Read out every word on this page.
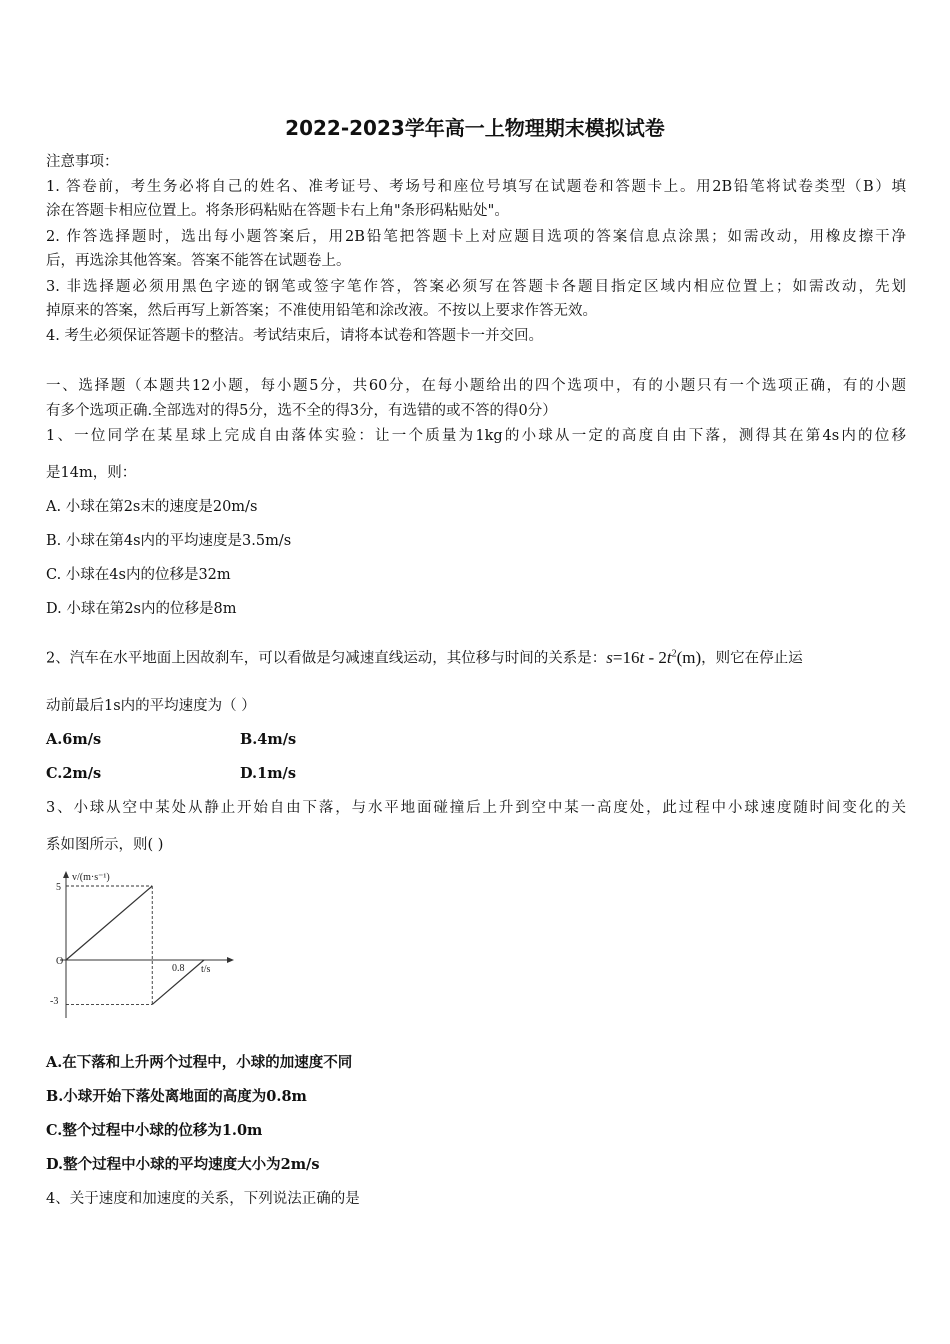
2022-2023学年高一上物理期末模拟试卷
注意事项：
1. 答卷前，考生务必将自己的姓名、准考证号、考场号和座位号填写在试题卷和答题卡上。用2B铅笔将试卷类型（B）填
涂在答题卡相应位置上。将条形码粘贴在答题卡右上角"条形码粘贴处"。
2. 作答选择题时，选出每小题答案后，用2B铅笔把答题卡上对应题目选项的答案信息点涂黑；如需改动，用橡皮擦干净
后，再选涂其他答案。答案不能答在试题卷上。
3. 非选择题必须用黑色字迹的钢笔或签字笔作答，答案必须写在答题卡各题目指定区域内相应位置上；如需改动，先划
掉原来的答案，然后再写上新答案；不准使用铅笔和涂改液。不按以上要求作答无效。
4. 考生必须保证答题卡的整洁。考试结束后，请将本试卷和答题卡一并交回。
一、选择题（本题共12小题，每小题5分，共60分，在每小题给出的四个选项中，有的小题只有一个选项正确，有的小题
有多个选项正确.全部选对的得5分，选不全的得3分，有选错的或不答的得0分）
1、一位同学在某星球上完成自由落体实验：让一个质量为1kg的小球从一定的高度自由下落，测得其在第4s内的位移
是14m，则：
A. 小球在第2s末的速度是20m/s
B. 小球在第4s内的平均速度是3.5m/s
C. 小球在4s内的位移是32m
D. 小球在第2s内的位移是8m
2、汽车在水平地面上因故刹车，可以看做是匀减速直线运动，其位移与时间的关系是：$s=16t - 2t^2(m)$，则它在停止运
动前最后1s内的平均速度为（ ）
A.6m/s	B.4m/s
C.2m/s	D.1m/s
3、小球从空中某处从静止开始自由下落，与水平地面碰撞后上升到空中某一高度处，此过程中小球速度随时间变化的关
系如图所示，则( )
v/(m·s⁻¹)
t/s
5
O
-3
0.8
A.在下落和上升两个过程中，小球的加速度不同
B.小球开始下落处离地面的高度为0.8m
C.整个过程中小球的位移为1.0m
D.整个过程中小球的平均速度大小为2m/s
4、关于速度和加速度的关系，下列说法正确的是
